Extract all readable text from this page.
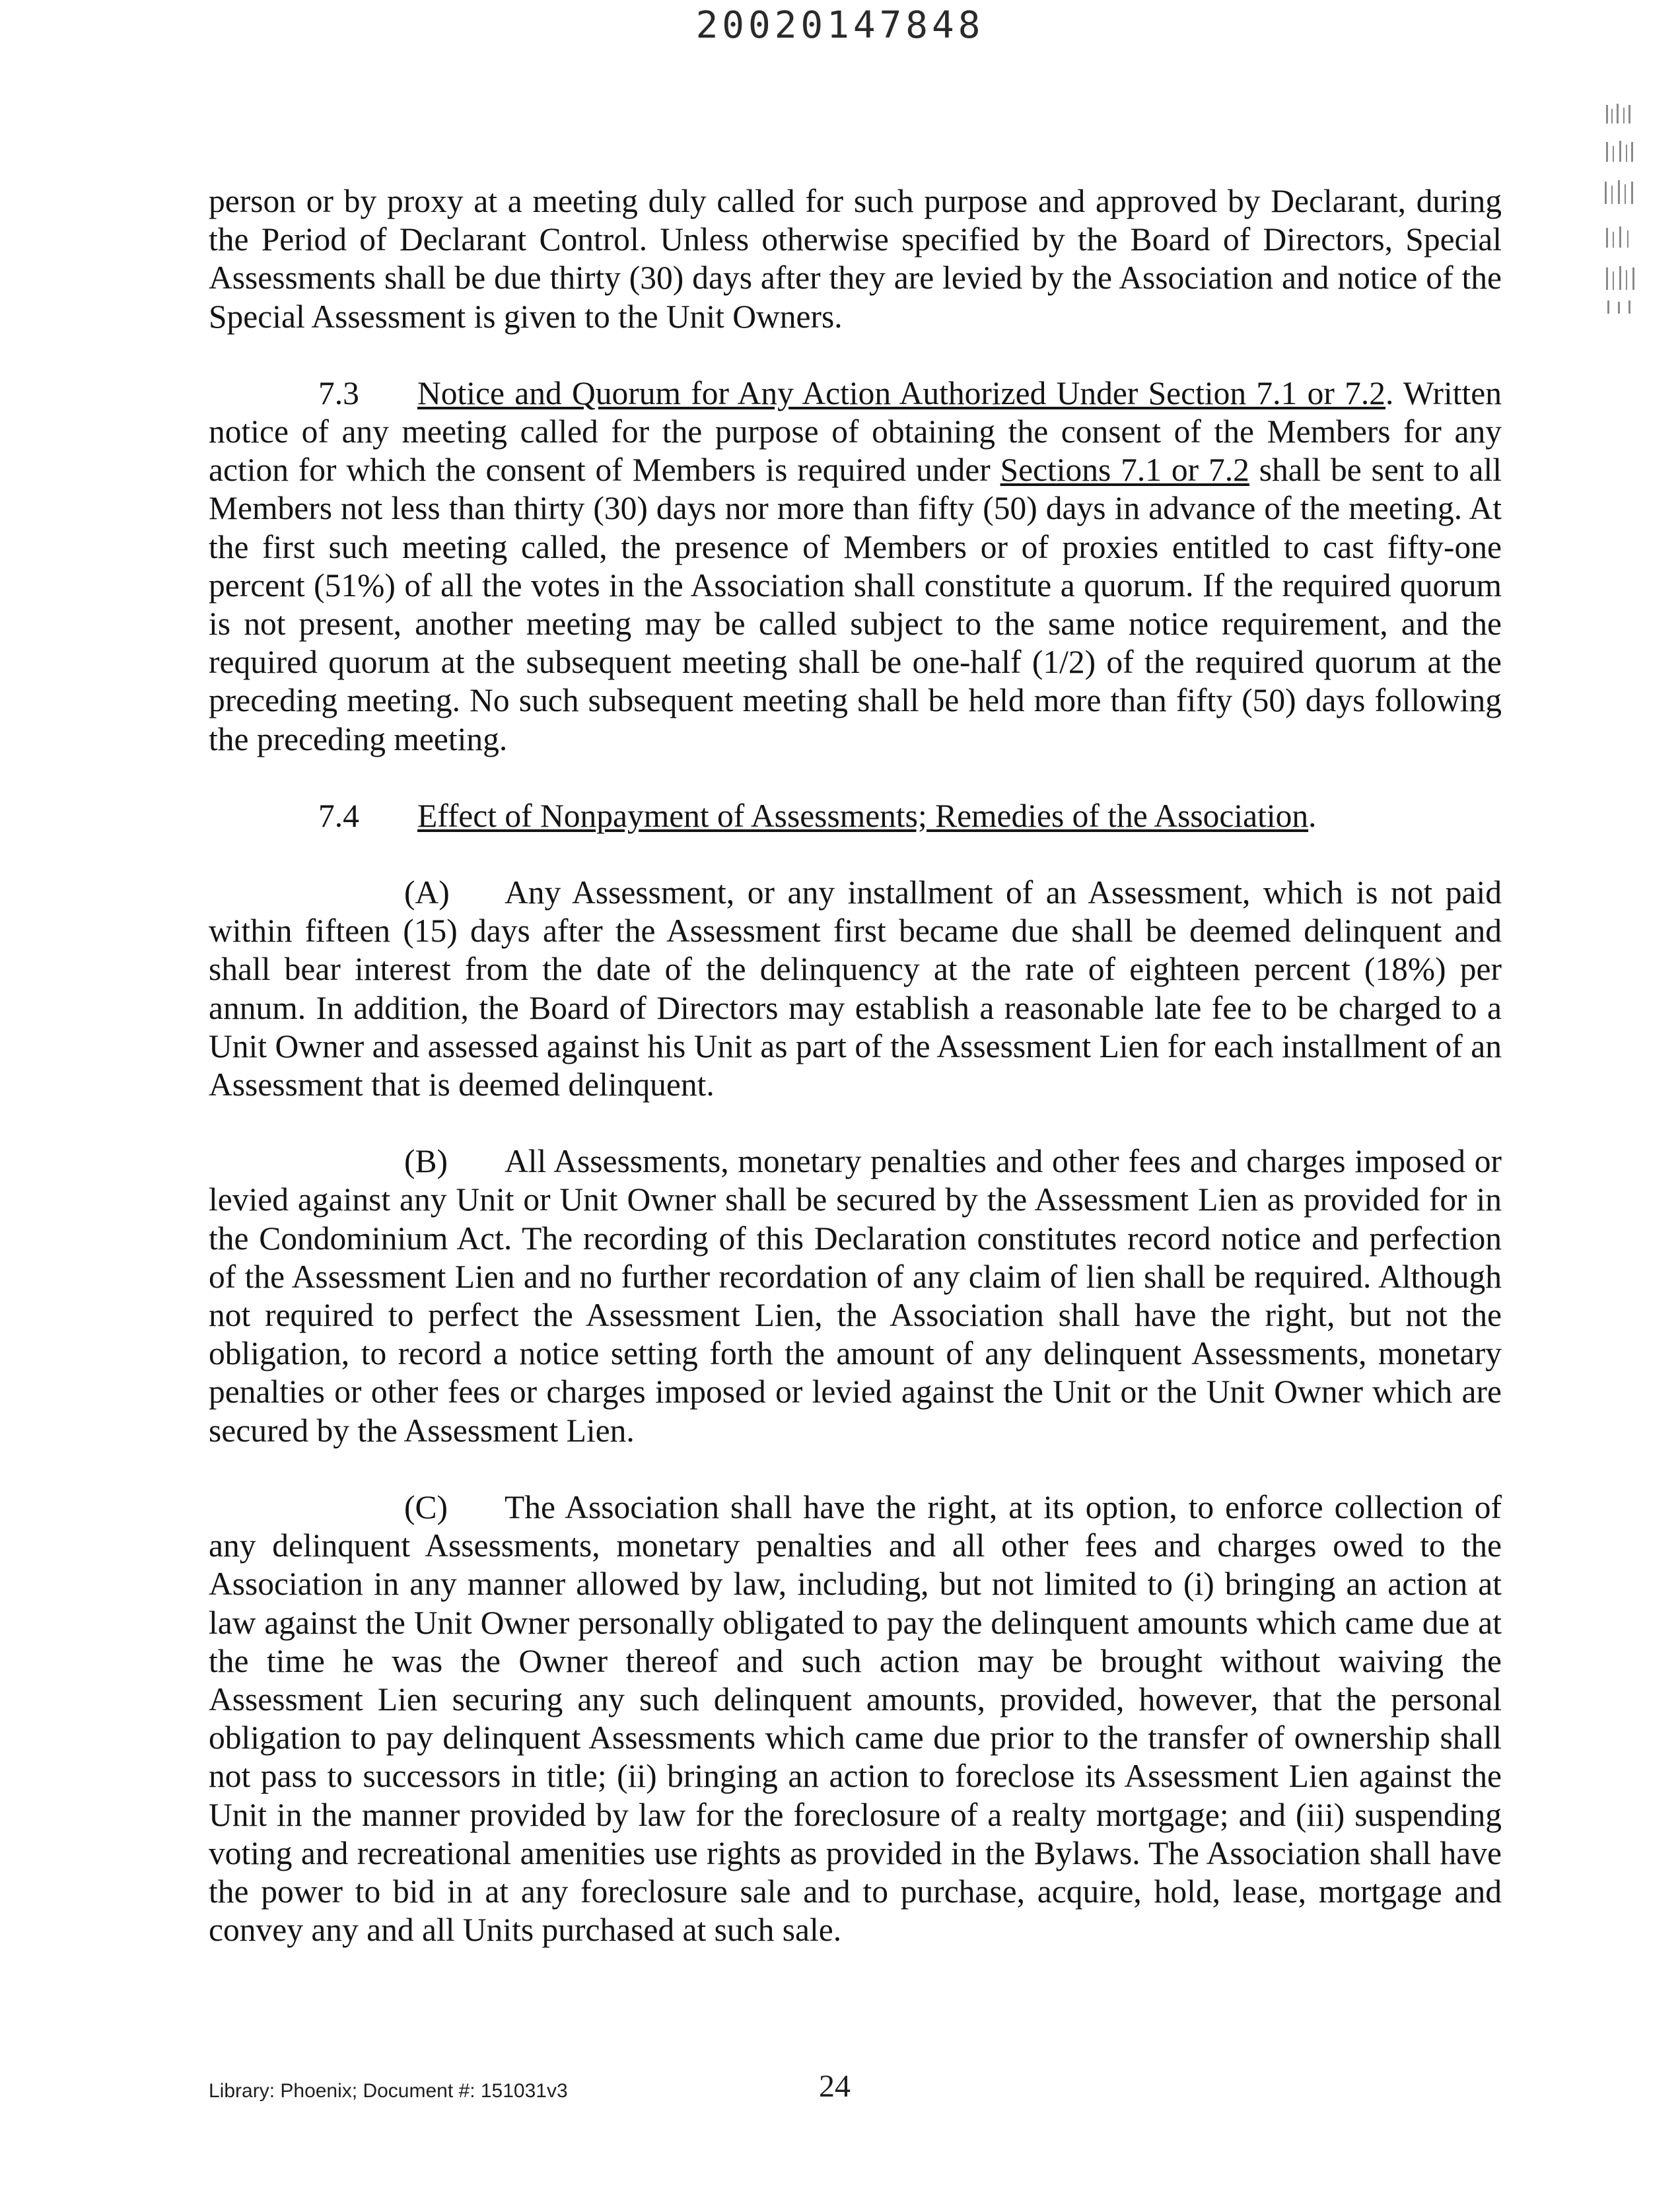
20020147848

person or by proxy at a meeting duly called for such purpose and approved by Declarant, during the Period of Declarant Control. Unless otherwise specified by the Board of Directors, Special Assessments shall be due thirty (30) days after they are levied by the Association and notice of the Special Assessment is given to the Unit Owners.

7.3 Notice and Quorum for Any Action Authorized Under Section 7.1 or 7.2. Written notice of any meeting called for the purpose of obtaining the consent of the Members for any action for which the consent of Members is required under Sections 7.1 or 7.2 shall be sent to all Members not less than thirty (30) days nor more than fifty (50) days in advance of the meeting. At the first such meeting called, the presence of Members or of proxies entitled to cast fifty-one percent (51%) of all the votes in the Association shall constitute a quorum. If the required quorum is not present, another meeting may be called subject to the same notice requirement, and the required quorum at the subsequent meeting shall be one-half (1/2) of the required quorum at the preceding meeting. No such subsequent meeting shall be held more than fifty (50) days following the preceding meeting.

7.4 Effect of Nonpayment of Assessments; Remedies of the Association.

(A) Any Assessment, or any installment of an Assessment, which is not paid within fifteen (15) days after the Assessment first became due shall be deemed delinquent and shall bear interest from the date of the delinquency at the rate of eighteen percent (18%) per annum. In addition, the Board of Directors may establish a reasonable late fee to be charged to a Unit Owner and assessed against his Unit as part of the Assessment Lien for each installment of an Assessment that is deemed delinquent.

(B) All Assessments, monetary penalties and other fees and charges imposed or levied against any Unit or Unit Owner shall be secured by the Assessment Lien as provided for in the Condominium Act. The recording of this Declaration constitutes record notice and perfection of the Assessment Lien and no further recordation of any claim of lien shall be required. Although not required to perfect the Assessment Lien, the Association shall have the right, but not the obligation, to record a notice setting forth the amount of any delinquent Assessments, monetary penalties or other fees or charges imposed or levied against the Unit or the Unit Owner which are secured by the Assessment Lien.

(C) The Association shall have the right, at its option, to enforce collection of any delinquent Assessments, monetary penalties and all other fees and charges owed to the Association in any manner allowed by law, including, but not limited to (i) bringing an action at law against the Unit Owner personally obligated to pay the delinquent amounts which came due at the time he was the Owner thereof and such action may be brought without waiving the Assessment Lien securing any such delinquent amounts, provided, however, that the personal obligation to pay delinquent Assessments which came due prior to the transfer of ownership shall not pass to successors in title; (ii) bringing an action to foreclose its Assessment Lien against the Unit in the manner provided by law for the foreclosure of a realty mortgage; and (iii) suspending voting and recreational amenities use rights as provided in the Bylaws. The Association shall have the power to bid in at any foreclosure sale and to purchase, acquire, hold, lease, mortgage and convey any and all Units purchased at such sale.

Library: Phoenix; Document #: 151031v3	24
